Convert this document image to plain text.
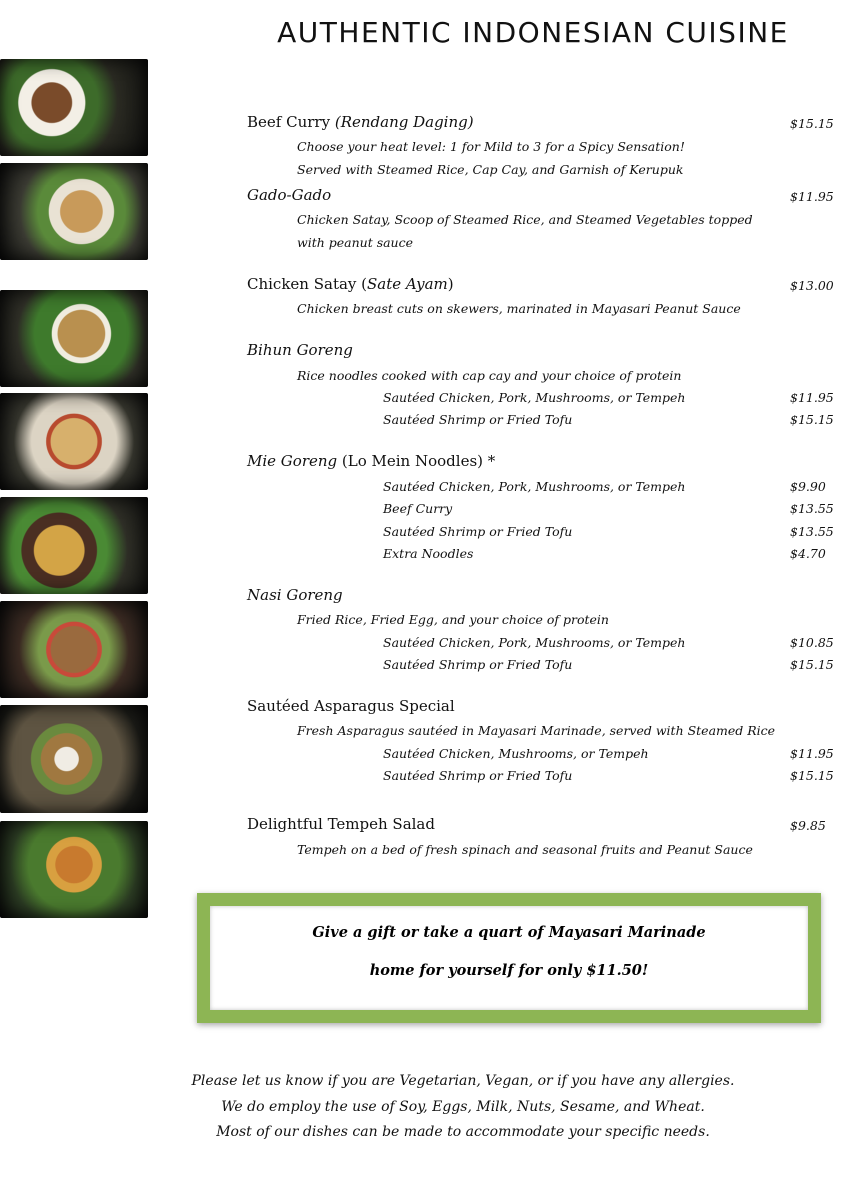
AUTHENTIC INDONESIAN CUISINE
Beef Curry (Rendang Daging)	$15.15
Choose your heat level: 1 for Mild to 3 for a Spicy Sensation!
Served with Steamed Rice, Cap Cay, and Garnish of Kerupuk
Gado-Gado	$11.95
Chicken Satay, Scoop of Steamed Rice, and Steamed Vegetables topped
with peanut sauce
Chicken Satay (Sate Ayam)	$13.00
Chicken breast cuts on skewers, marinated in Mayasari Peanut Sauce
Bihun Goreng
Rice noodles cooked with cap cay and your choice of protein
Sautéed Chicken, Pork, Mushrooms, or Tempeh	$11.95
Sautéed Shrimp or Fried Tofu	$15.15
Mie Goreng (Lo Mein Noodles) *
Sautéed Chicken, Pork, Mushrooms, or Tempeh	$9.90
Beef Curry	$13.55
Sautéed Shrimp or Fried Tofu	$13.55
Extra Noodles	$4.70
Nasi Goreng
Fried Rice, Fried Egg, and your choice of protein
Sautéed Chicken, Pork, Mushrooms, or Tempeh	$10.85
Sautéed Shrimp or Fried Tofu	$15.15
Sautéed Asparagus Special
Fresh Asparagus sautéed in Mayasari Marinade, served with Steamed Rice
Sautéed Chicken, Mushrooms, or Tempeh	$11.95
Sautéed Shrimp or Fried Tofu	$15.15
Delightful Tempeh Salad	$9.85
Tempeh on a bed of fresh spinach and seasonal fruits and Peanut Sauce
Give a gift or take a quart of Mayasari Marinade
home for yourself for only $11.50!
Please let us know if you are Vegetarian, Vegan, or if you have any allergies.
We do employ the use of Soy, Eggs, Milk, Nuts, Sesame, and Wheat.
Most of our dishes can be made to accommodate your specific needs.
